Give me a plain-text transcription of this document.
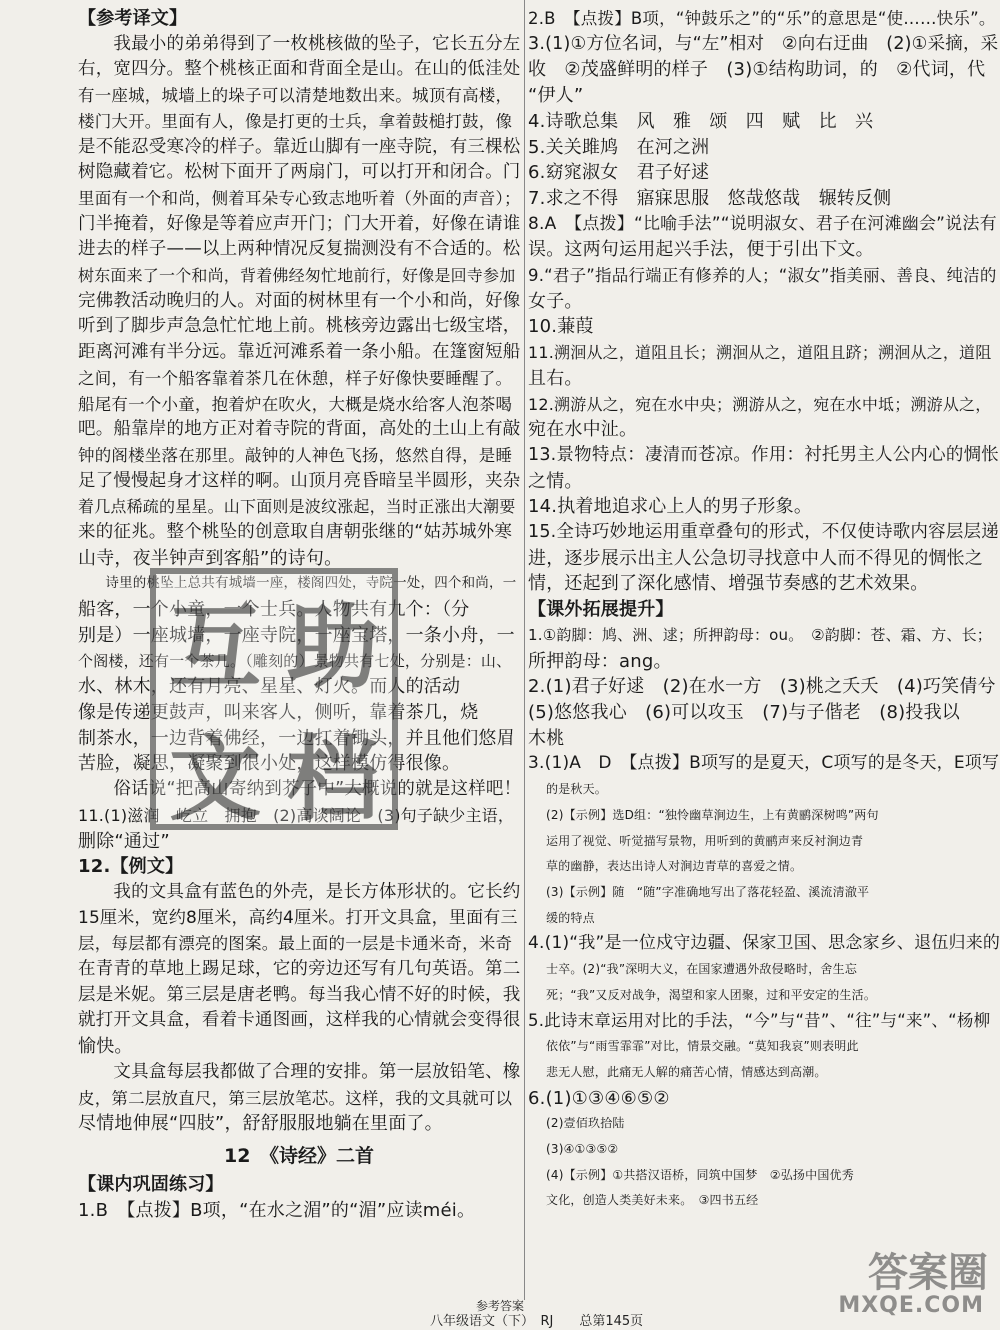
【参考译文】
　　我最小的弟弟得到了一枚桃核做的坠子，它长五分左
右，宽四分。整个桃核正面和背面全是山。在山的低洼处
有一座城，城墙上的垛子可以清楚地数出来。城顶有高楼，
楼门大开。里面有人，像是打更的士兵，拿着鼓槌打鼓，像
是不能忍受寒冷的样子。靠近山脚有一座寺院，有三棵松
树隐藏着它。松树下面开了两扇门，可以打开和闭合。门
里面有一个和尚，侧着耳朵专心致志地听着（外面的声音）；
门半掩着，好像是等着应声开门；门大开着，好像在请谁
进去的样子——以上两种情况反复揣测没有不合适的。松
树东面来了一个和尚，背着佛经匆忙地前行，好像是回寺参加
完佛教活动晚归的人。对面的树林里有一个小和尚，好像
听到了脚步声急急忙忙地上前。桃核旁边露出七级宝塔，
距离河滩有半分远。靠近河滩系着一条小船。在篷窗短船
之间，有一个船客靠着茶几在休憩，样子好像快要睡醒了。
船尾有一个小童，抱着炉在吹火，大概是烧水给客人泡茶喝
吧。船靠岸的地方正对着寺院的背面，高处的土山上有敲
钟的阁楼坐落在那里。敲钟的人神色飞扬，悠然自得，是睡
足了慢慢起身才这样的啊。山顶月亮昏暗呈半圆形，夹杂
着几点稀疏的星星。山下面则是波纹涨起，当时正涨出大潮要
来的征兆。整个桃坠的创意取自唐朝张继的“姑苏城外寒
山寺，夜半钟声到客船”的诗句。
　　诗里的桃坠上总共有城墙一座，楼阁四处，寺院一处，四个和尚，一
船客，一个小童，一个士兵。人物共有九个：（分
别是）一座城墙，一座寺院，一座宝塔，一条小舟，一
个阁楼，还有一个茶几。（雕刻的）景物共有七处，分别是：山、
水、林木，还有月亮、星星、灯火。而人的活动
像是传递更鼓声，叫来客人，侧听，靠着茶几，烧
制茶水，一边背着佛经，一边扛着锄头，并且他们悠眉
苦脸，凝思，凝聚到很小处，这样模仿得很像。
　　俗话说“把高山寄纳到芥子中”大概说的就是这样吧！
11.(1)滋润　屹立　拥抱　(2)高谈阔论　(3)句子缺少主语，
删除“通过”
12.【例文】
　　我的文具盒有蓝色的外壳，是长方体形状的。它长约
15厘米，宽约8厘米，高约4厘米。打开文具盒，里面有三
层，每层都有漂亮的图案。最上面的一层是卡通米奇，米奇
在青青的草地上踢足球，它的旁边还写有几句英语。第二
层是米妮。第三层是唐老鸭。每当我心情不好的时候，我
就打开文具盒，看着卡通图画，这样我的心情就会变得很
愉快。
　　文具盒每层我都做了合理的安排。第一层放铅笔、橡
皮，第二层放直尺，第三层放笔芯。这样，我的文具就可以
尽情地伸展“四肢”，舒舒服服地躺在里面了。
12　《诗经》二首
【课内巩固练习】
1.B　【点拨】B项，“在水之湄”的“湄”应读méi。
2.B　【点拨】B项，“钟鼓乐之”的“乐”的意思是“使……快乐”。
3.(1)①方位名词，与“左”相对　②向右迂曲　(2)①采摘，采
收　②茂盛鲜明的样子　(3)①结构助词，的　②代词，代
“伊人”
4.诗歌总集　风　雅　颂　四　赋　比　兴
5.关关雎鸠　在河之洲
6.窈窕淑女　君子好逑
7.求之不得　寤寐思服　悠哉悠哉　辗转反侧
8.A　【点拨】“比喻手法”“说明淑女、君子在河滩幽会”说法有
误。这两句运用起兴手法，便于引出下文。
9.“君子”指品行端正有修养的人；“淑女”指美丽、善良、纯洁的
女子。
10.蒹葭
11.溯洄从之，道阻且长；溯洄从之，道阻且跻；溯洄从之，道阻
且右。
12.溯游从之，宛在水中央；溯游从之，宛在水中坻；溯游从之，
宛在水中沚。
13.景物特点：凄清而苍凉。作用：衬托男主人公内心的惆怅
之情。
14.执着地追求心上人的男子形象。
15.全诗巧妙地运用重章叠句的形式，不仅使诗歌内容层层递
进，逐步展示出主人公急切寻找意中人而不得见的惆怅之
情，还起到了深化感情、增强节奏感的艺术效果。
【课外拓展提升】
1.①韵脚：鸠、洲、逑；所押韵母：ou。　②韵脚：苍、霜、方、长；
所押韵母：ang。
2.(1)君子好逑　(2)在水一方　(3)桃之夭夭　(4)巧笑倩兮
(5)悠悠我心　(6)可以攻玉　(7)与子偕老　(8)投我以
木桃
3.(1)A　D　【点拨】B项写的是夏天，C项写的是冬天，E项写
的是秋天。
(2)【示例】选D组：“独怜幽草涧边生，上有黄鹂深树鸣”两句
运用了视觉、听觉描写景物，用听到的黄鹂声来反衬涧边青
草的幽静，表达出诗人对涧边青草的喜爱之情。
(3)【示例】随　“随”字准确地写出了落花轻盈、溪流清澈平
缓的特点
4.(1)“我”是一位戍守边疆、保家卫国、思念家乡、退伍归来的
士卒。(2)“我”深明大义，在国家遭遇外敌侵略时，舍生忘
死；“我”又反对战争，渴望和家人团聚，过和平安定的生活。
5.此诗末章运用对比的手法，“今”与“昔”、“往”与“来”、“杨柳
依依”与“雨雪霏霏”对比，情景交融。“莫知我哀”则表明此
悲无人慰，此痛无人解的痛苦心情，情感达到高潮。
6.(1)①③④⑥⑤②
(2)壹佰玖拾陆
(3)④①③⑤②
(4)【示例】①共搭汉语桥，同筑中国梦　②弘扬中国优秀
文化，创造人类美好未来。　③四书五经
互 助
文 档
参考答案
八年级语文（下）　RJ　　总第145页
答案圈
MXQE.COM
